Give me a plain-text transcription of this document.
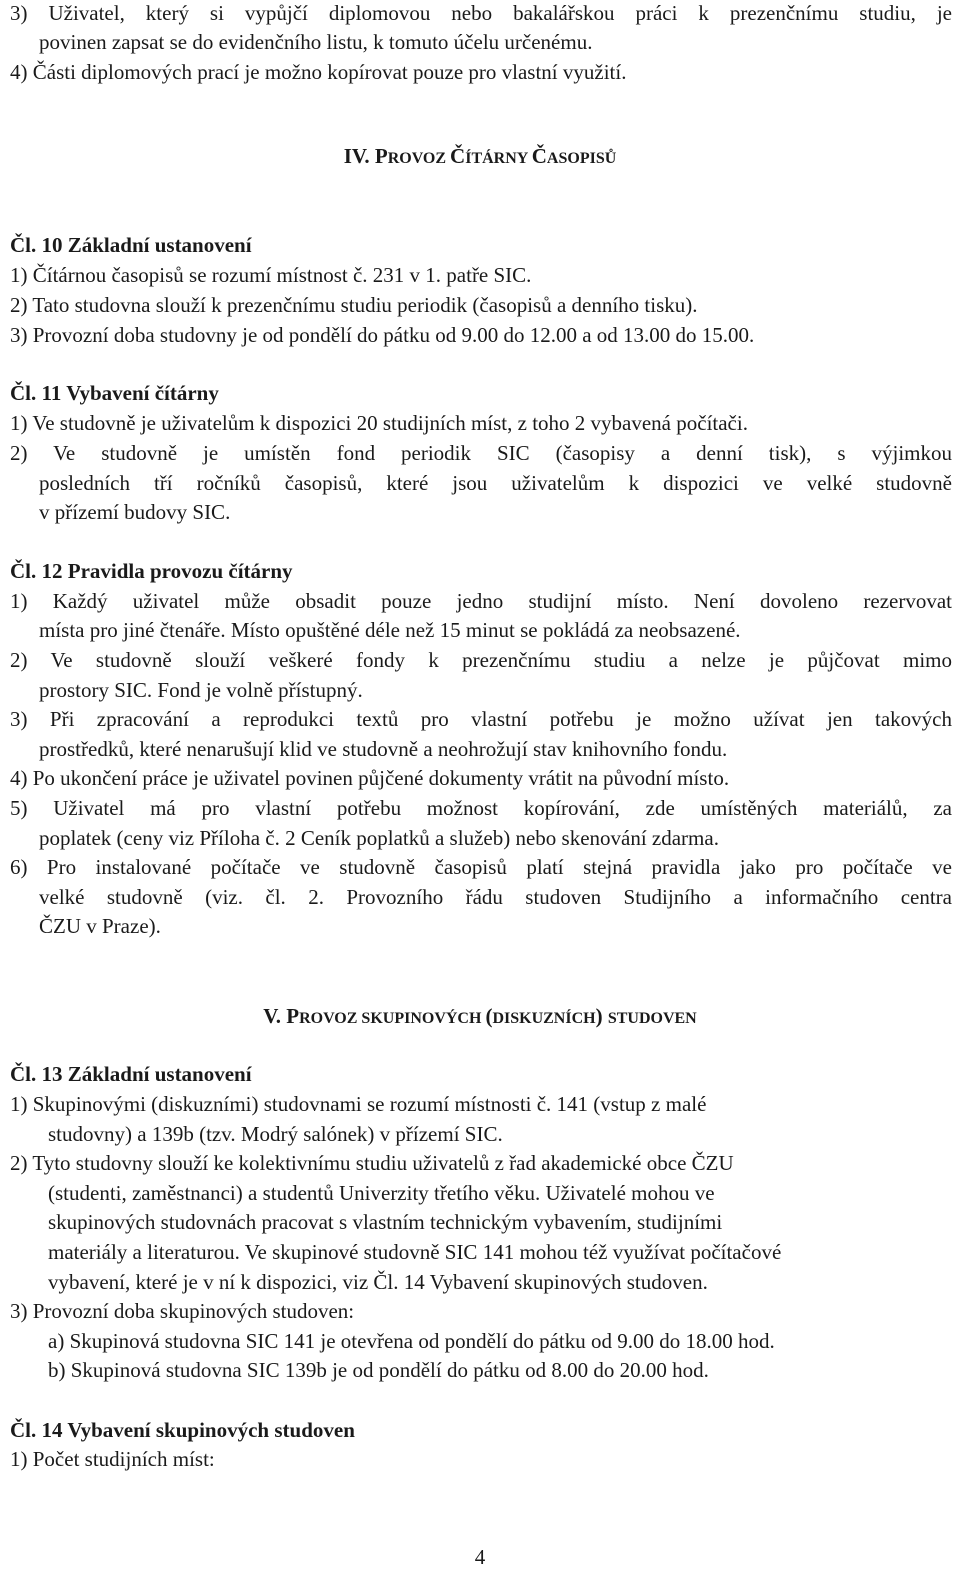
3) Uživatel, který si vypůjčí diplomovou nebo bakalářskou práci k prezenčnímu studiu, je
povinen zapsat se do evidenčního listu, k tomuto účelu určenému.
4) Části diplomových prací je možno kopírovat pouze pro vlastní využití.
IV. PROVOZ ČÍTÁRNY ČASOPISŮ
Čl. 10 Základní ustanovení
1) Čítárnou časopisů se rozumí místnost č. 231 v 1. patře SIC.
2) Tato studovna slouží k prezenčnímu studiu periodik (časopisů a denního tisku).
3) Provozní doba studovny je od pondělí do pátku od 9.00 do 12.00 a od 13.00 do 15.00.
Čl. 11 Vybavení čítárny
1) Ve studovně je uživatelům k dispozici 20 studijních míst, z toho 2 vybavená počítači.
2) Ve studovně je umístěn fond periodik SIC (časopisy a denní tisk), s výjimkou
posledních tří ročníků časopisů, které jsou uživatelům k dispozici ve velké studovně
v přízemí budovy SIC.
Čl. 12 Pravidla provozu čítárny
1) Každý uživatel může obsadit pouze jedno studijní místo. Není dovoleno rezervovat
místa pro jiné čtenáře. Místo opuštěné déle než 15 minut se pokládá za neobsazené.
2) Ve studovně slouží veškeré fondy k prezenčnímu studiu a nelze je půjčovat mimo
prostory SIC. Fond je volně přístupný.
3) Při zpracování a reprodukci textů pro vlastní potřebu je možno užívat jen takových
prostředků, které nenarušují klid ve studovně a neohrožují stav knihovního fondu.
4) Po ukončení práce je uživatel povinen půjčené dokumenty vrátit na původní místo.
5) Uživatel má pro vlastní potřebu možnost kopírování, zde umístěných materiálů, za
poplatek (ceny viz Příloha č. 2 Ceník poplatků a služeb) nebo skenování zdarma.
6) Pro instalované počítače ve studovně časopisů platí stejná pravidla jako pro počítače ve
velké studovně (viz. čl. 2. Provozního řádu studoven Studijního a informačního centra
ČZU v Praze).
V. PROVOZ SKUPINOVÝCH (DISKUZNÍCH) STUDOVEN
Čl. 13 Základní ustanovení
1) Skupinovými (diskuzními) studovnami se rozumí místnosti č. 141 (vstup z malé
studovny) a 139b (tzv. Modrý salónek) v přízemí SIC.
2) Tyto studovny slouží ke kolektivnímu studiu uživatelů z řad akademické obce ČZU
(studenti, zaměstnanci) a studentů Univerzity třetího věku. Uživatelé mohou ve
skupinových studovnách pracovat s vlastním technickým vybavením, studijními
materiály a literaturou. Ve skupinové studovně SIC 141 mohou též využívat počítačové
vybavení, které je v ní k dispozici, viz Čl. 14 Vybavení skupinových studoven.
3) Provozní doba skupinových studoven:
a) Skupinová studovna SIC 141 je otevřena od pondělí do pátku od 9.00 do 18.00 hod.
b) Skupinová studovna SIC 139b je od pondělí do pátku od 8.00 do 20.00 hod.
Čl. 14 Vybavení skupinových studoven
1) Počet studijních míst:
4
